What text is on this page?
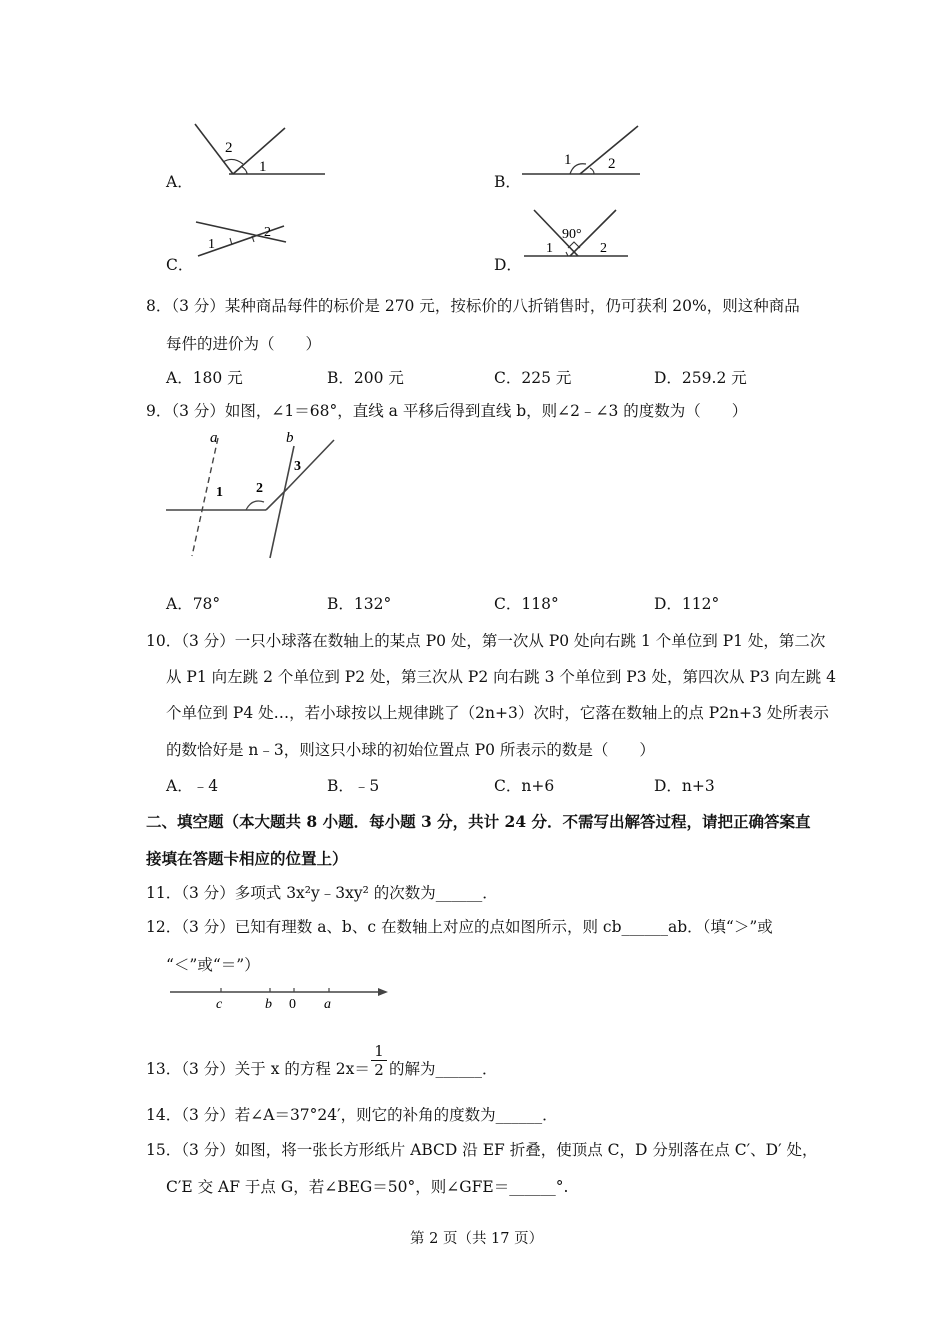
A．
2
1
B．
1 2
C．
1
2
D．
90°
1	2
8．（3 分）某种商品每件的标价是 270 元，按标价的八折销售时，仍可获利 20%，则这种商品
每件的进价为（　　）
A．180 元	B．200 元	C．225 元	D．259.2 元
9．（3 分）如图，∠1＝68°，直线 a 平移后得到直线 b，则∠2﹣∠3 的度数为（　　）
a	b
1 2
3
A．78°	B．132°	C．118°	D．112°
10．（3 分）一只小球落在数轴上的某点 P0 处，第一次从 P0 处向右跳 1 个单位到 P1 处，第二次
从 P1 向左跳 2 个单位到 P2 处，第三次从 P2 向右跳 3 个单位到 P3 处，第四次从 P3 向左跳 4
个单位到 P4 处…，若小球按以上规律跳了（2n+3）次时，它落在数轴上的点 P2n+3 处所表示
的数恰好是 n﹣3，则这只小球的初始位置点 P0 所表示的数是（　　）
A．﹣4	B．﹣5	C．n+6	D．n+3
二、填空题（本大题共 8 小题．每小题 3 分，共计 24 分．不需写出解答过程，请把正确答案直
接填在答题卡相应的位置上）
11．（3 分）多项式 3x²y﹣3xy² 的次数为______．
12．（3 分）已知有理数 a、b、c 在数轴上对应的点如图所示，则 cb______ab．（填“＞”或
“＜”或“＝”）
c	b 0 a
13．（3 分）关于 x 的方程 $2x= \frac{1}{2}$ 的解为______．
14．（3 分）若∠A＝37°24′，则它的补角的度数为______．
15．（3 分）如图，将一张长方形纸片 ABCD 沿 EF 折叠，使顶点 C，D 分别落在点 C′、D′ 处，
C′E 交 AF 于点 G，若∠BEG＝50°，则∠GFE＝______°.
第 2 页（共 17 页）
